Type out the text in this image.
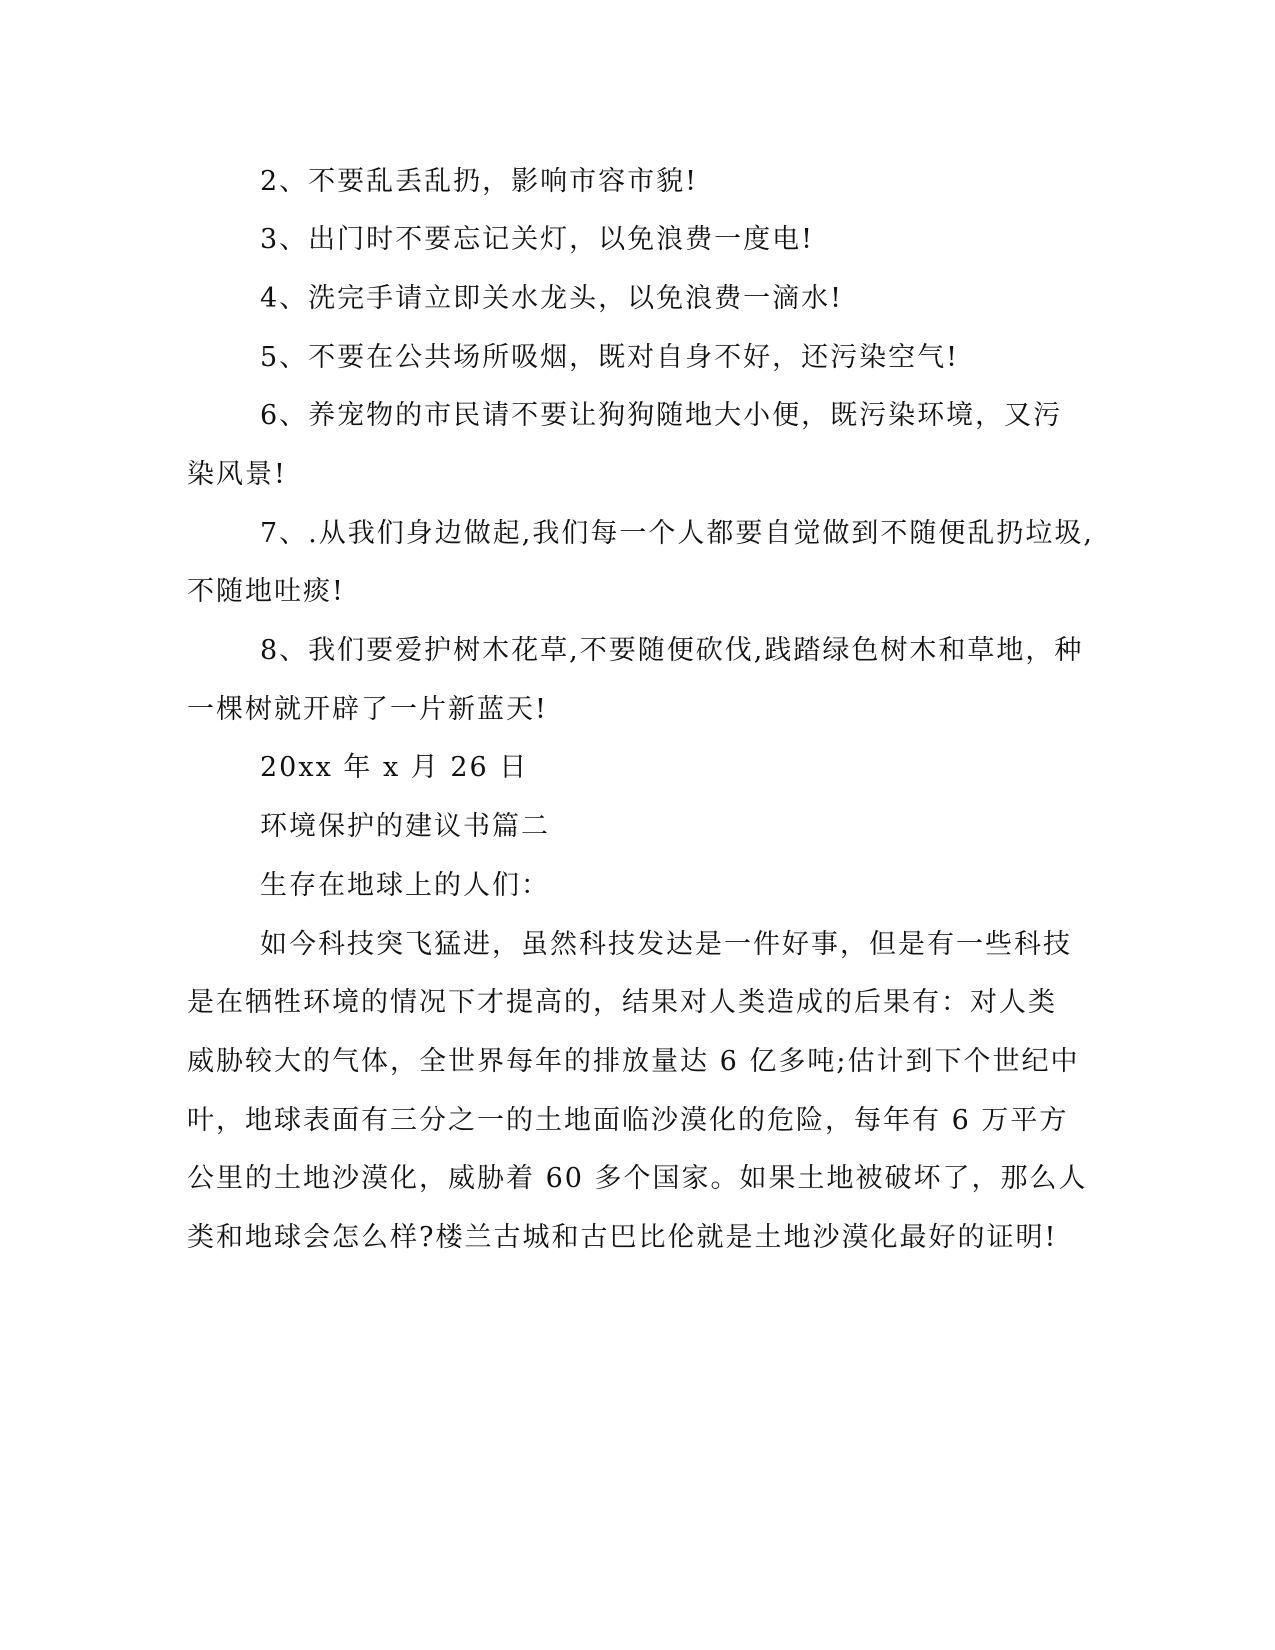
2、不要乱丢乱扔，影响市容市貌!
3、出门时不要忘记关灯，以免浪费一度电!
4、洗完手请立即关水龙头，以免浪费一滴水!
5、不要在公共场所吸烟，既对自身不好，还污染空气!
6、养宠物的市民请不要让狗狗随地大小便，既污染环境，又污
染风景!
7、.从我们身边做起,我们每一个人都要自觉做到不随便乱扔垃圾,
不随地吐痰!
8、我们要爱护树木花草,不要随便砍伐,践踏绿色树木和草地，种
一棵树就开辟了一片新蓝天!
20xx 年 x 月 26 日
环境保护的建议书篇二
生存在地球上的人们：
如今科技突飞猛进，虽然科技发达是一件好事，但是有一些科技
是在牺牲环境的情况下才提高的，结果对人类造成的后果有：对人类
威胁较大的气体，全世界每年的排放量达 6 亿多吨;估计到下个世纪中
叶，地球表面有三分之一的土地面临沙漠化的危险，每年有 6 万平方
公里的土地沙漠化，威胁着 60 多个国家。如果土地被破坏了，那么人
类和地球会怎么样?楼兰古城和古巴比伦就是土地沙漠化最好的证明!
